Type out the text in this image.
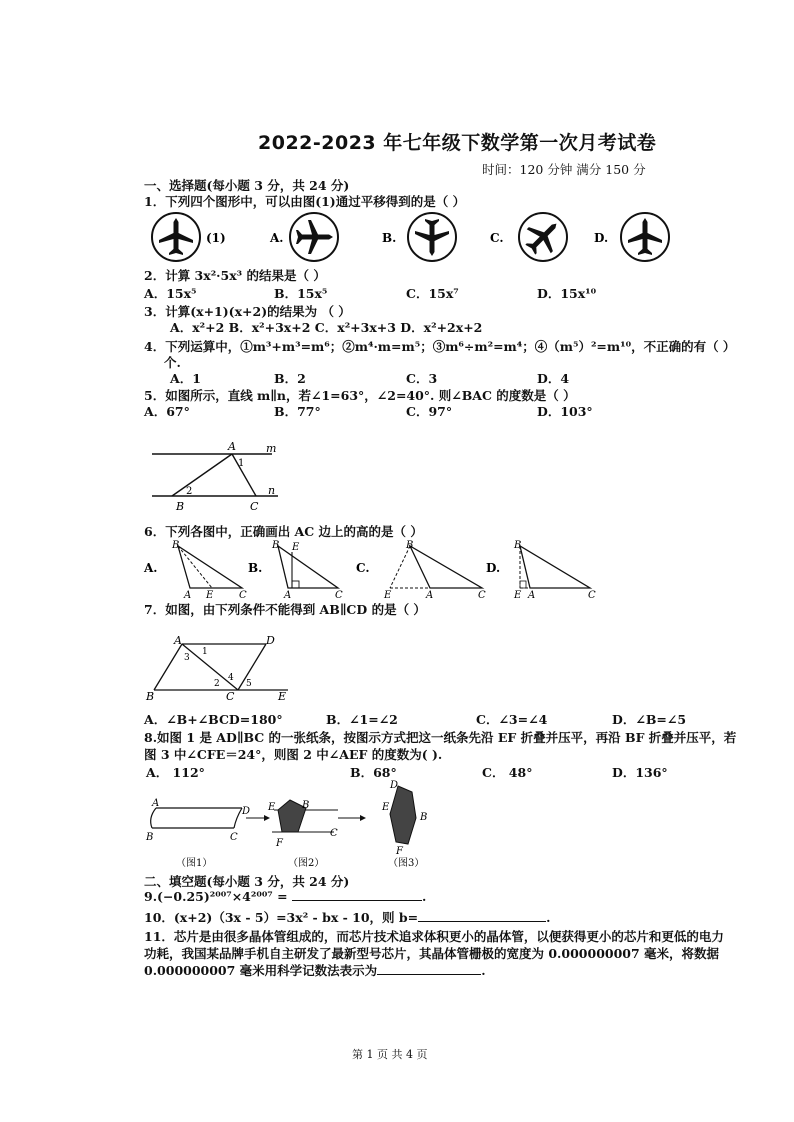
2022-2023 年七年级下数学第一次月考试卷
时间：120 分钟 满分 150 分
一、选择题(每小题 3 分，共 24 分)
1．下列四个图形中，可以由图(1)通过平移得到的是（ ）
(1)	A.	B.	C.	D.
2．计算 3x²·5x³ 的结果是（ ）
A．15x⁵	B．15x⁵	C．15x⁷	D．15x¹⁰
3．计算(x+1)(x+2)的结果为 （ ）
A．x²+2 B．x²+3x+2 C．x²+3x+3 D．x²+2x+2
4．下列运算中，①m³+m³=m⁶；②m⁴·m=m⁵；③m⁶÷m²=m⁴；④（m⁵）²=m¹⁰，不正确的有（ ）
个.
A．1	B．2	C．3	D．4
5．如图所示，直线 m∥n，若∠1=63°，∠2=40°. 则∠BAC 的度数是（ ）
A．67°	B．77°	C．97°	D．103°
A	m
n
1
2
B	C
6．下列各图中，正确画出 AC 边上的高的是（ ）
A.
B
A E	C
B.
B E
A	C
C.
B
E	A	C
D.
B
E A	C
7．如图，由下列条件不能得到 AB∥CD 的是（ ）
A	D
B	C	E
1
3
2
4
5
A．∠B+∠BCD=180°	B．∠1=∠2	C．∠3=∠4	D．∠B=∠5
8.如图 1 是 AD∥BC 的一张纸条，按图示方式把这一纸条先沿 EF 折叠并压平，再沿 BF 折叠并压平，若
图 3 中∠CFE＝24°，则图 2 中∠AEF 的度数为( ).
A． 112°	B．68°	C． 48°	D．136°
A
D
B	C
（图1）
E	B
C
F
（图2）
D
E
B
F
（图3）
二、填空题(每小题 3 分，共 24 分)
9.(−0.25)²⁰⁰⁷×4²⁰⁰⁷ =	.
10．(x+2)（3x - 5）=3x² - bx - 10，则 b=	.
11．芯片是由很多晶体管组成的，而芯片技术追求体积更小的晶体管，以便获得更小的芯片和更低的电力
功耗，我国某品牌手机自主研发了最新型号芯片，其晶体管栅极的宽度为 0.000000007 毫米，将数据
0.000000007 毫米用科学记数法表示为	.
第 1 页 共 4 页
